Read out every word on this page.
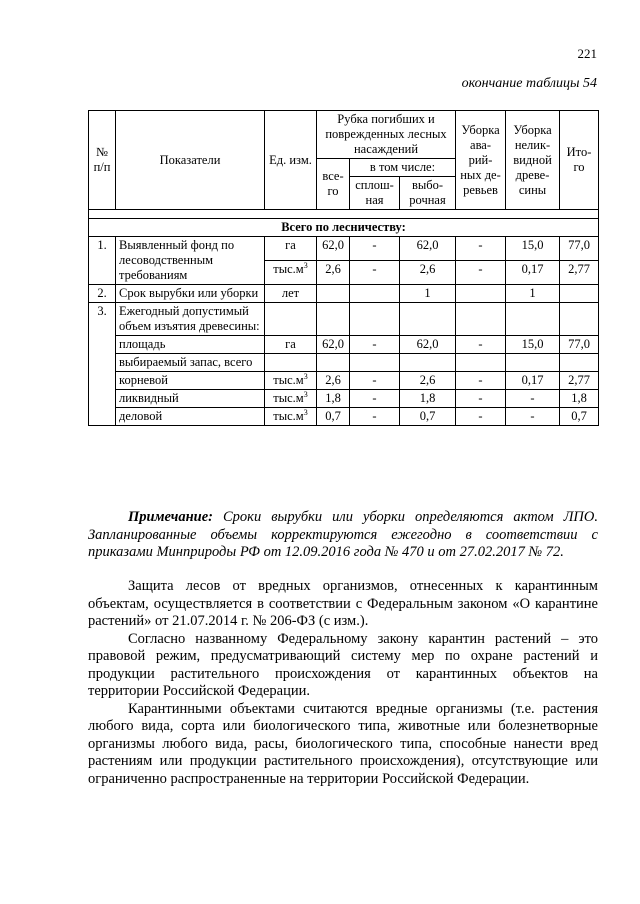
221
окончание таблицы 54
№ п/п	Показатели	Ед. изм.	Рубка погибших и поврежденных лесных насаждений			Уборка ава-рий-ных де-ревьев	Уборка нелик-видной древе-сины	Ито-го
			все-го	в том числе:				
				сплош-ная	выбо-рочная			

Всего по лесничеству:								
1.	Выявленный фонд по лесоводственным требованиям	га	62,0	-	62,0	-	15,0	77,0
		$тыс.м^3$	2,6	-	2,6	-	0,17	2,77
2.	Срок вырубки или уборки	лет			1		1	
3.	Ежегодный допустимый объем изъятия древесины:							
	площадь	га	62,0	-	62,0	-	15,0	77,0
	выбираемый запас, всего							
	корневой	$тыс.м^3$	2,6	-	2,6	-	0,17	2,77
	ликвидный	$тыс.м^3$	1,8	-	1,8	-	-	1,8
	деловой	$тыс.м^3$	0,7	-	0,7	-	-	0,7
Примечание: Сроки вырубки или уборки определяются актом ЛПО. Запланированные объемы корректируются ежегодно в соответствии с приказами Минприроды РФ от 12.09.2016 года № 470 и от 27.02.2017 № 72.

Защита лесов от вредных организмов, отнесенных к карантинным объектам, осуществляется в соответствии с Федеральным законом «О карантине растений» от 21.07.2014 г. № 206-ФЗ (с изм.).

Согласно названному Федеральному закону карантин растений – это правовой режим, предусматривающий систему мер по охране растений и продукции растительного происхождения от карантинных объектов на территории Российской Федерации.

Карантинными объектами считаются вредные организмы (т.е. растения любого вида, сорта или биологического типа, животные или болезнетворные организмы любого вида, расы, биологического типа, способные нанести вред растениям или продукции растительного происхождения), отсутствующие или ограниченно распространенные на территории Российской Федерации.
